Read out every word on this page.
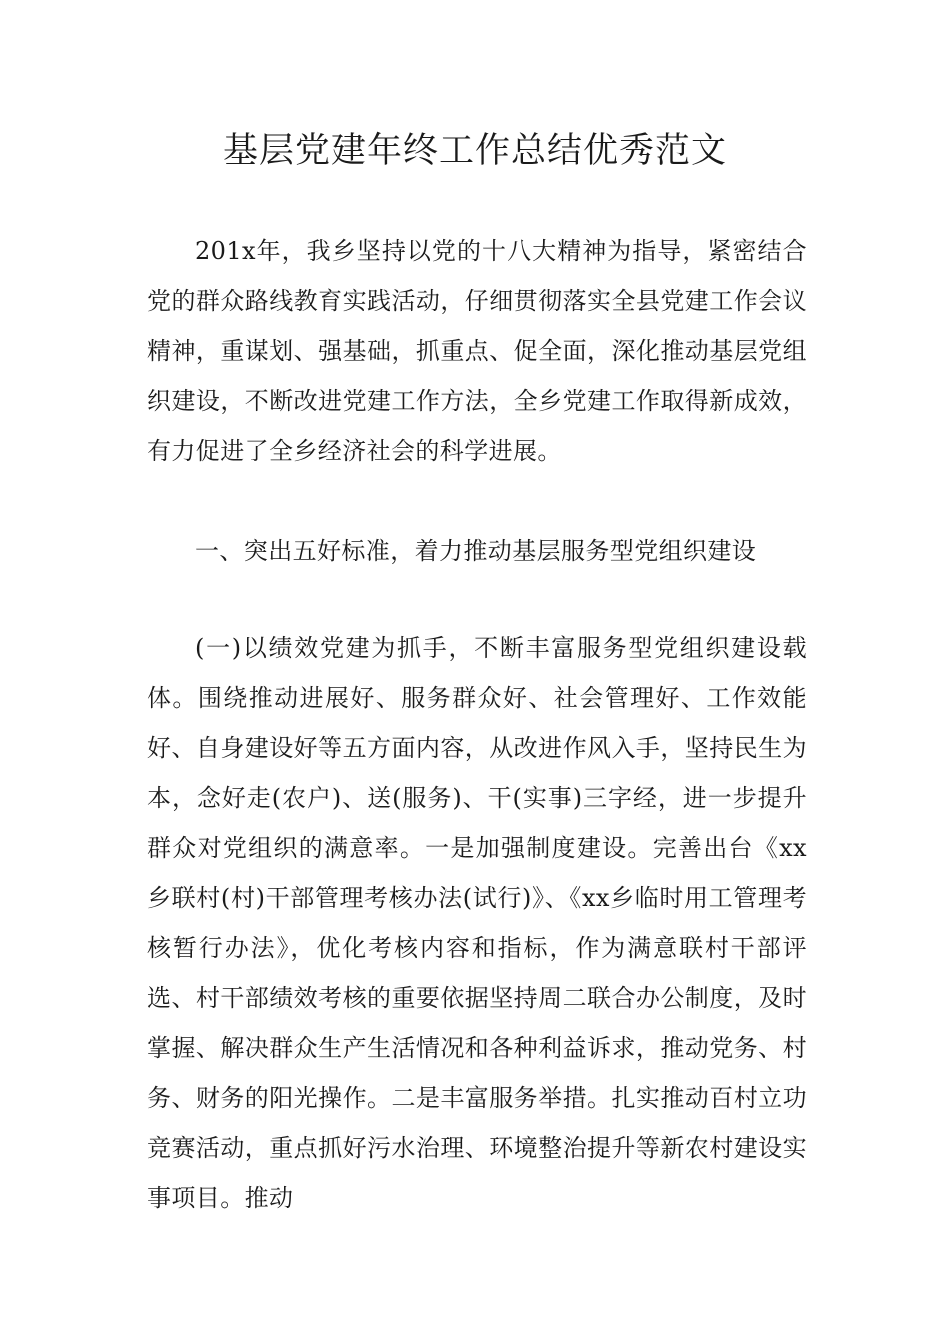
基层党建年终工作总结优秀范文

201x年，我乡坚持以党的十八大精神为指导，紧密结合党的群众路线教育实践活动，仔细贯彻落实全县党建工作会议精神，重谋划、强基础，抓重点、促全面，深化推动基层党组织建设，不断改进党建工作方法，全乡党建工作取得新成效，有力促进了全乡经济社会的科学进展。

一、突出五好标准，着力推动基层服务型党组织建设

(一)以绩效党建为抓手，不断丰富服务型党组织建设载体。围绕推动进展好、服务群众好、社会管理好、工作效能好、自身建设好等五方面内容，从改进作风入手，坚持民生为本，念好走(农户)、送(服务)、干(实事)三字经，进一步提升群众对党组织的满意率。一是加强制度建设。完善出台《xx乡联村(村)干部管理考核办法(试行)》、《xx乡临时用工管理考核暂行办法》，优化考核内容和指标，作为满意联村干部评选、村干部绩效考核的重要依据坚持周二联合办公制度，及时掌握、解决群众生产生活情况和各种利益诉求，推动党务、村务、财务的阳光操作。二是丰富服务举措。扎实推动百村立功竞赛活动，重点抓好污水治理、环境整治提升等新农村建设实事项目。推动
